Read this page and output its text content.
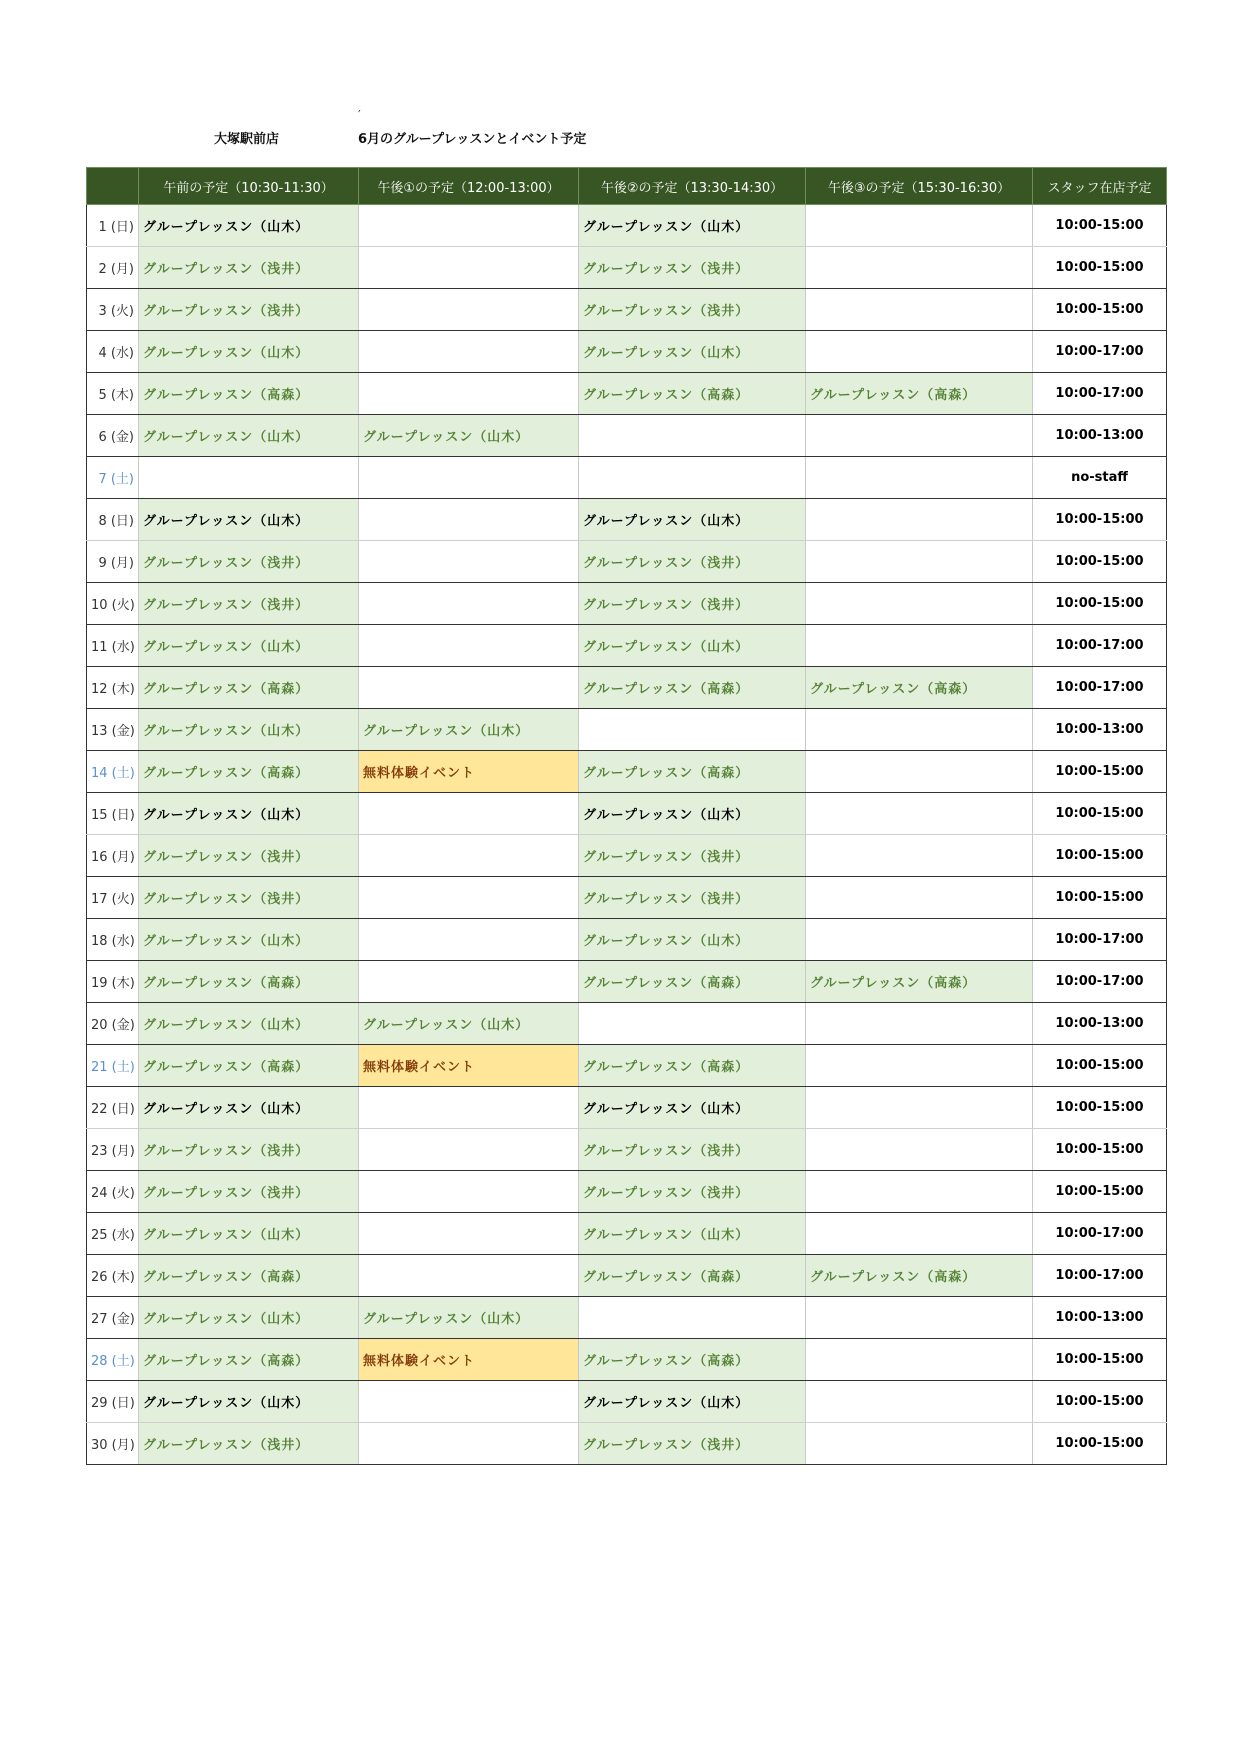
′
大塚駅前店	6月のグループレッスンとイベント予定
	午前の予定（10:30-11:30）	午後①の予定（12:00-13:00）	午後②の予定（13:30-14:30）	午後③の予定（15:30-16:30）	スタッフ在店予定
1 (日)	グループレッスン（山木）		グループレッスン（山木）		10:00-15:00
2 (月)	グループレッスン（浅井）		グループレッスン（浅井）		10:00-15:00
3 (火)	グループレッスン（浅井）		グループレッスン（浅井）		10:00-15:00
4 (水)	グループレッスン（山木）		グループレッスン（山木）		10:00-17:00
5 (木)	グループレッスン（高森）		グループレッスン（高森）	グループレッスン（高森）	10:00-17:00
6 (金)	グループレッスン（山木）	グループレッスン（山木）			10:00-13:00
7 (土)					no-staff
8 (日)	グループレッスン（山木）		グループレッスン（山木）		10:00-15:00
9 (月)	グループレッスン（浅井）		グループレッスン（浅井）		10:00-15:00
10 (火)	グループレッスン（浅井）		グループレッスン（浅井）		10:00-15:00
11 (水)	グループレッスン（山木）		グループレッスン（山木）		10:00-17:00
12 (木)	グループレッスン（高森）		グループレッスン（高森）	グループレッスン（高森）	10:00-17:00
13 (金)	グループレッスン（山木）	グループレッスン（山木）			10:00-13:00
14 (土)	グループレッスン（高森）	無料体験イベント	グループレッスン（高森）		10:00-15:00
15 (日)	グループレッスン（山木）		グループレッスン（山木）		10:00-15:00
16 (月)	グループレッスン（浅井）		グループレッスン（浅井）		10:00-15:00
17 (火)	グループレッスン（浅井）		グループレッスン（浅井）		10:00-15:00
18 (水)	グループレッスン（山木）		グループレッスン（山木）		10:00-17:00
19 (木)	グループレッスン（高森）		グループレッスン（高森）	グループレッスン（高森）	10:00-17:00
20 (金)	グループレッスン（山木）	グループレッスン（山木）			10:00-13:00
21 (土)	グループレッスン（高森）	無料体験イベント	グループレッスン（高森）		10:00-15:00
22 (日)	グループレッスン（山木）		グループレッスン（山木）		10:00-15:00
23 (月)	グループレッスン（浅井）		グループレッスン（浅井）		10:00-15:00
24 (火)	グループレッスン（浅井）		グループレッスン（浅井）		10:00-15:00
25 (水)	グループレッスン（山木）		グループレッスン（山木）		10:00-17:00
26 (木)	グループレッスン（高森）		グループレッスン（高森）	グループレッスン（高森）	10:00-17:00
27 (金)	グループレッスン（山木）	グループレッスン（山木）			10:00-13:00
28 (土)	グループレッスン（高森）	無料体験イベント	グループレッスン（高森）		10:00-15:00
29 (日)	グループレッスン（山木）		グループレッスン（山木）		10:00-15:00
30 (月)	グループレッスン（浅井）		グループレッスン（浅井）		10:00-15:00
